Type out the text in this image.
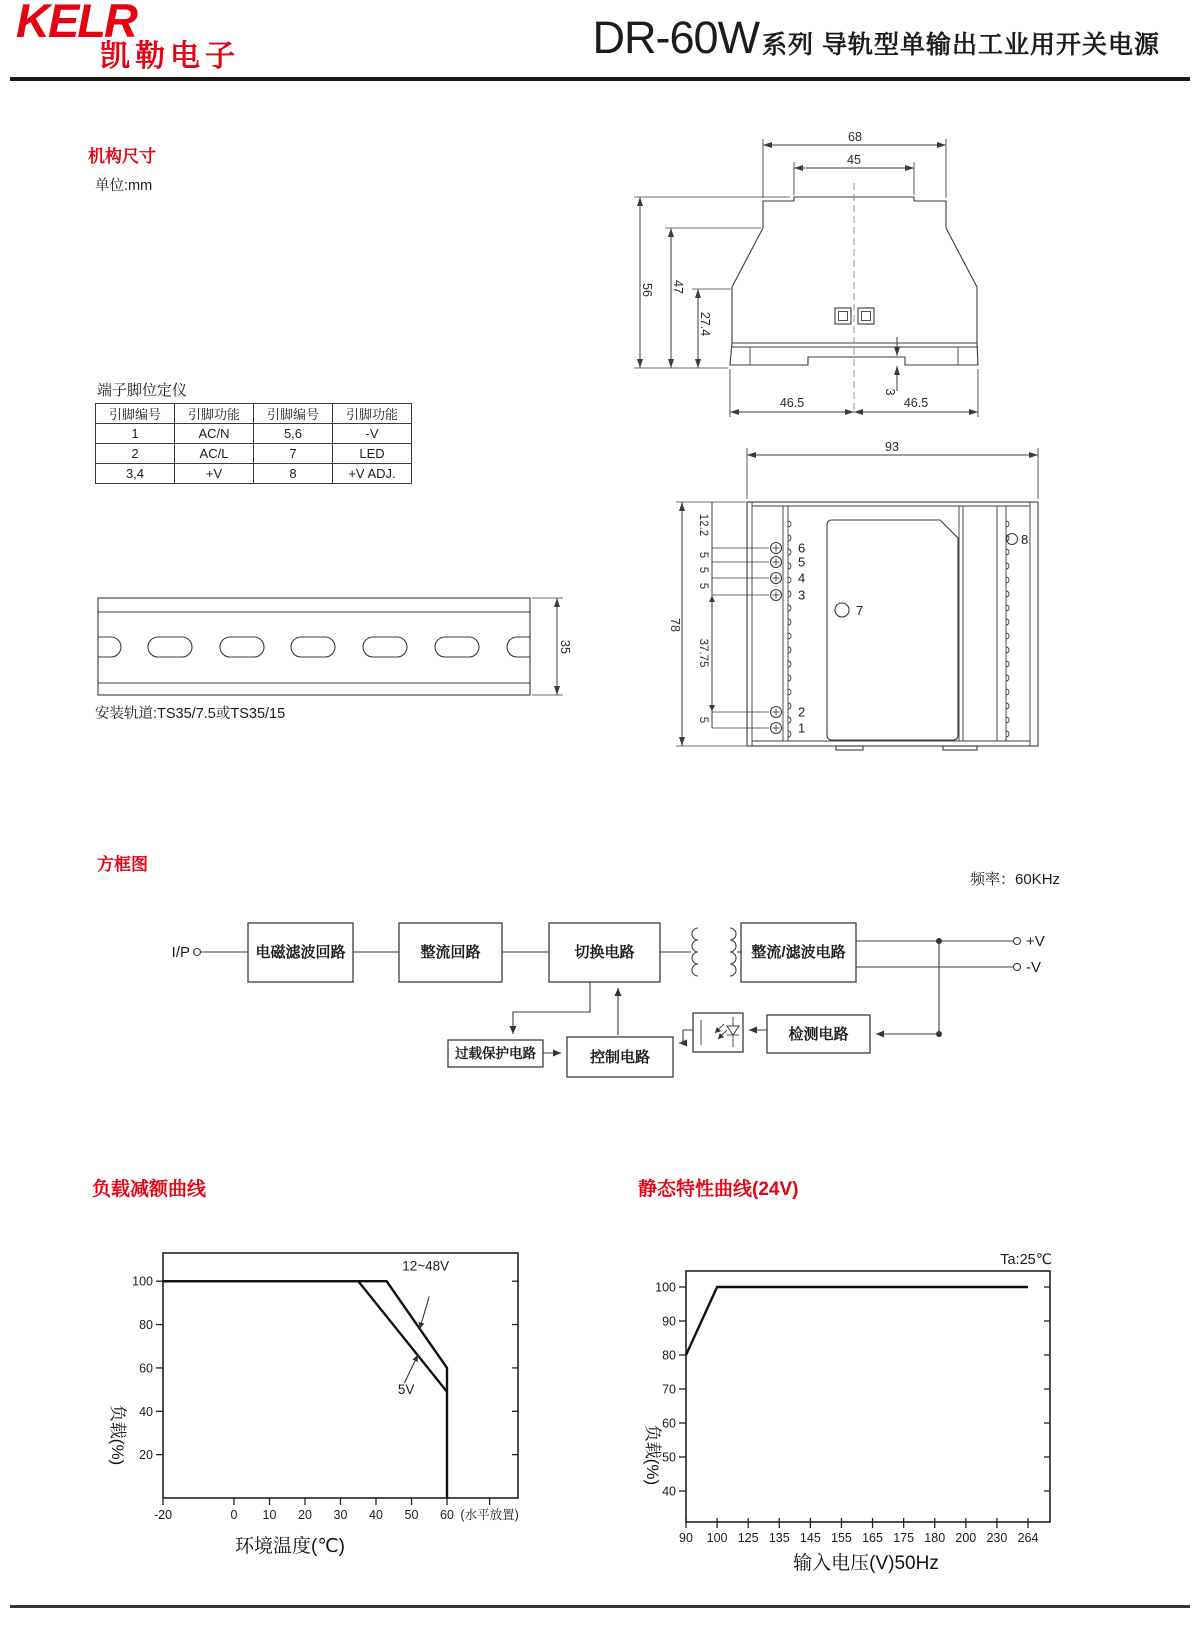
KELR
凯勒电子	DR-60W 系列 导轨型单输出工业用开关电源
机构尺寸
单位:mm
68
45
56 47
27.4
3
46.5	46.5
93
7
8
6
5
4
3
2
1
78
12.2
5
5
5
37.75
5
端子脚位定仪
引脚编号	引脚功能	引脚编号	引脚功能
1	AC/N	5,6	-V
2	AC/L	7	LED
3,4	+V	8	+V ADJ.
35
安装轨道:TS35/7.5或TS35/15
方框图
频率：60KHz
I/P	电磁滤波回路	整流回路	切换电路	整流/滤波电路
+V
-V
检测电路
控制电路
过载保护电路
负载减额曲线
20
40
60
80
100
-20	0 10 20 30 40 50 60 (水平放置)
12~48V
5V
负载(%)
环境温度(℃)
静态特性曲线(24V)
40
50
60
70
80
90
100
90 100 125 135 145 155 165 175 180 200 230 264
Ta:25℃
负载(%)
输入电压(V)50Hz
